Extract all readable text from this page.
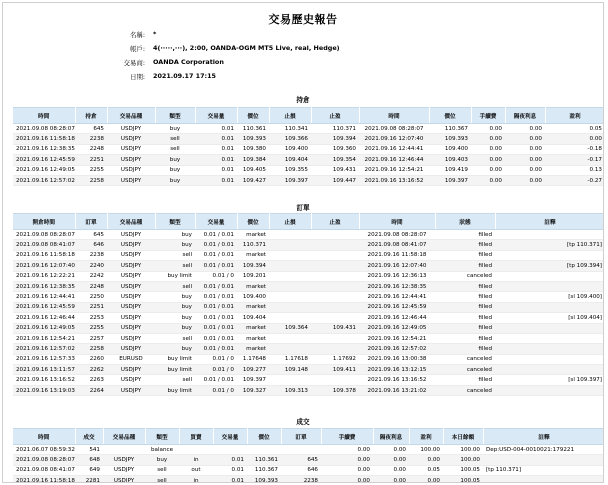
交易歷史報告
名稱: *
帳戶: 4(·····,···), 2:00, OANDA-OGM MT5 Live, real, Hedge)
交易商: OANDA Corporation
日期: 2021.09.17 17:15
持倉
時間	持倉	交易品種	類型	交易量	價位	止損	止盈	時間	價位	手續費	隔夜利息	盈利
2021.09.08 08:28:07	645	USDJPY	buy	0.01	110.361	110.341	110.371	2021.09.08 08:28:07	110.367	0.00	0.00	0.05
2021.09.16 11:58:18	2238	USDJPY	sell	0.01	109.393	109.366	109.394	2021.09.16 12:07:40	109.393	0.00	0.00	0.00
2021.09.16 12:38:35	2248	USDJPY	sell	0.01	109.380	109.400	109.360	2021.09.16 12:44:41	109.400	0.00	0.00	-0.18
2021.09.16 12:45:59	2251	USDJPY	buy	0.01	109.384	109.404	109.354	2021.09.16 12:46:44	109.403	0.00	0.00	-0.17
2021.09.16 12:49:05	2255	USDJPY	buy	0.01	109.405	109.355	109.431	2021.09.16 12:54:21	109.419	0.00	0.00	0.13
2021.09.16 12:57:02	2258	USDJPY	buy	0.01	109.427	109.397	109.447	2021.09.16 13:16:52	109.397	0.00	0.00	-0.27
訂單
開倉時間	訂單	交易品種	類型	交易量	價位	止損	止盈	時間	狀態	註釋
2021.09.08 08:28:07	645	USDJPY	buy	0.01 / 0.01	market			2021.09.08 08:28:07	filled	
2021.09.08 08:41:07	646	USDJPY	buy	0.01 / 0.01	110.371			2021.09.08 08:41:07	filled	[tp 110.371]
2021.09.16 11:58:18	2238	USDJPY	sell	0.01 / 0.01	market			2021.09.16 11:58:18	filled	
2021.09.16 12:07:40	2240	USDJPY	sell	0.01 / 0.01	109.394			2021.09.16 12:07:40	filled	[tp 109.394]
2021.09.16 12:22:21	2242	USDJPY	buy limit	0.01 / 0	109.201			2021.09.16 12:36:13	canceled	
2021.09.16 12:38:35	2248	USDJPY	sell	0.01 / 0.01	market			2021.09.16 12:38:35	filled	
2021.09.16 12:44:41	2250	USDJPY	buy	0.01 / 0.01	109.400			2021.09.16 12:44:41	filled	[sl 109.400]
2021.09.16 12:45:59	2251	USDJPY	buy	0.01 / 0.01	market			2021.09.16 12:45:59	filled	
2021.09.16 12:46:44	2253	USDJPY	buy	0.01 / 0.01	109.404			2021.09.16 12:46:44	filled	[sl 109.404]
2021.09.16 12:49:05	2255	USDJPY	buy	0.01 / 0.01	market	109.364	109.431	2021.09.16 12:49:05	filled	
2021.09.16 12:54:21	2257	USDJPY	sell	0.01 / 0.01	market			2021.09.16 12:54:21	filled	
2021.09.16 12:57:02	2258	USDJPY	buy	0.01 / 0.01	market			2021.09.16 12:57:02	filled	
2021.09.16 12:57:33	2260	EURUSD	buy limit	0.01 / 0	1.17648	1.17618	1.17692	2021.09.16 13:00:38	canceled	
2021.09.16 13:11:57	2262	USDJPY	buy limit	0.01 / 0	109.277	109.148	109.411	2021.09.16 13:12:15	canceled	
2021.09.16 13:16:52	2263	USDJPY	sell	0.01 / 0.01	109.397			2021.09.16 13:16:52	filled	[sl 109.397]
2021.09.16 13:19:03	2264	USDJPY	buy limit	0.01 / 0	109.327	109.313	109.378	2021.09.16 13:21:02	canceled	
成交
時間	成交	交易品種	類型	買賣	交易量	價位	訂單	手續費	隔夜利息	盈利	本日餘額	註釋
2021.06.07 08:59:32	541		balance					0.00	0.00	100.00	100.00	Dep:USD-004-0010021:179221
2021.09.08 08:28:07	648	USDJPY	buy	in	0.01	110.361	645	0.00	0.00	0.00	100.00	
2021.09.08 08:41:07	649	USDJPY	sell	out	0.01	110.367	646	0.00	0.00	0.05	100.05	[tp 110.371]
2021.09.16 11:58:18	2281	USDJPY	sell	in	0.01	109.393	2238	0.00	0.00	0.00	100.05	
